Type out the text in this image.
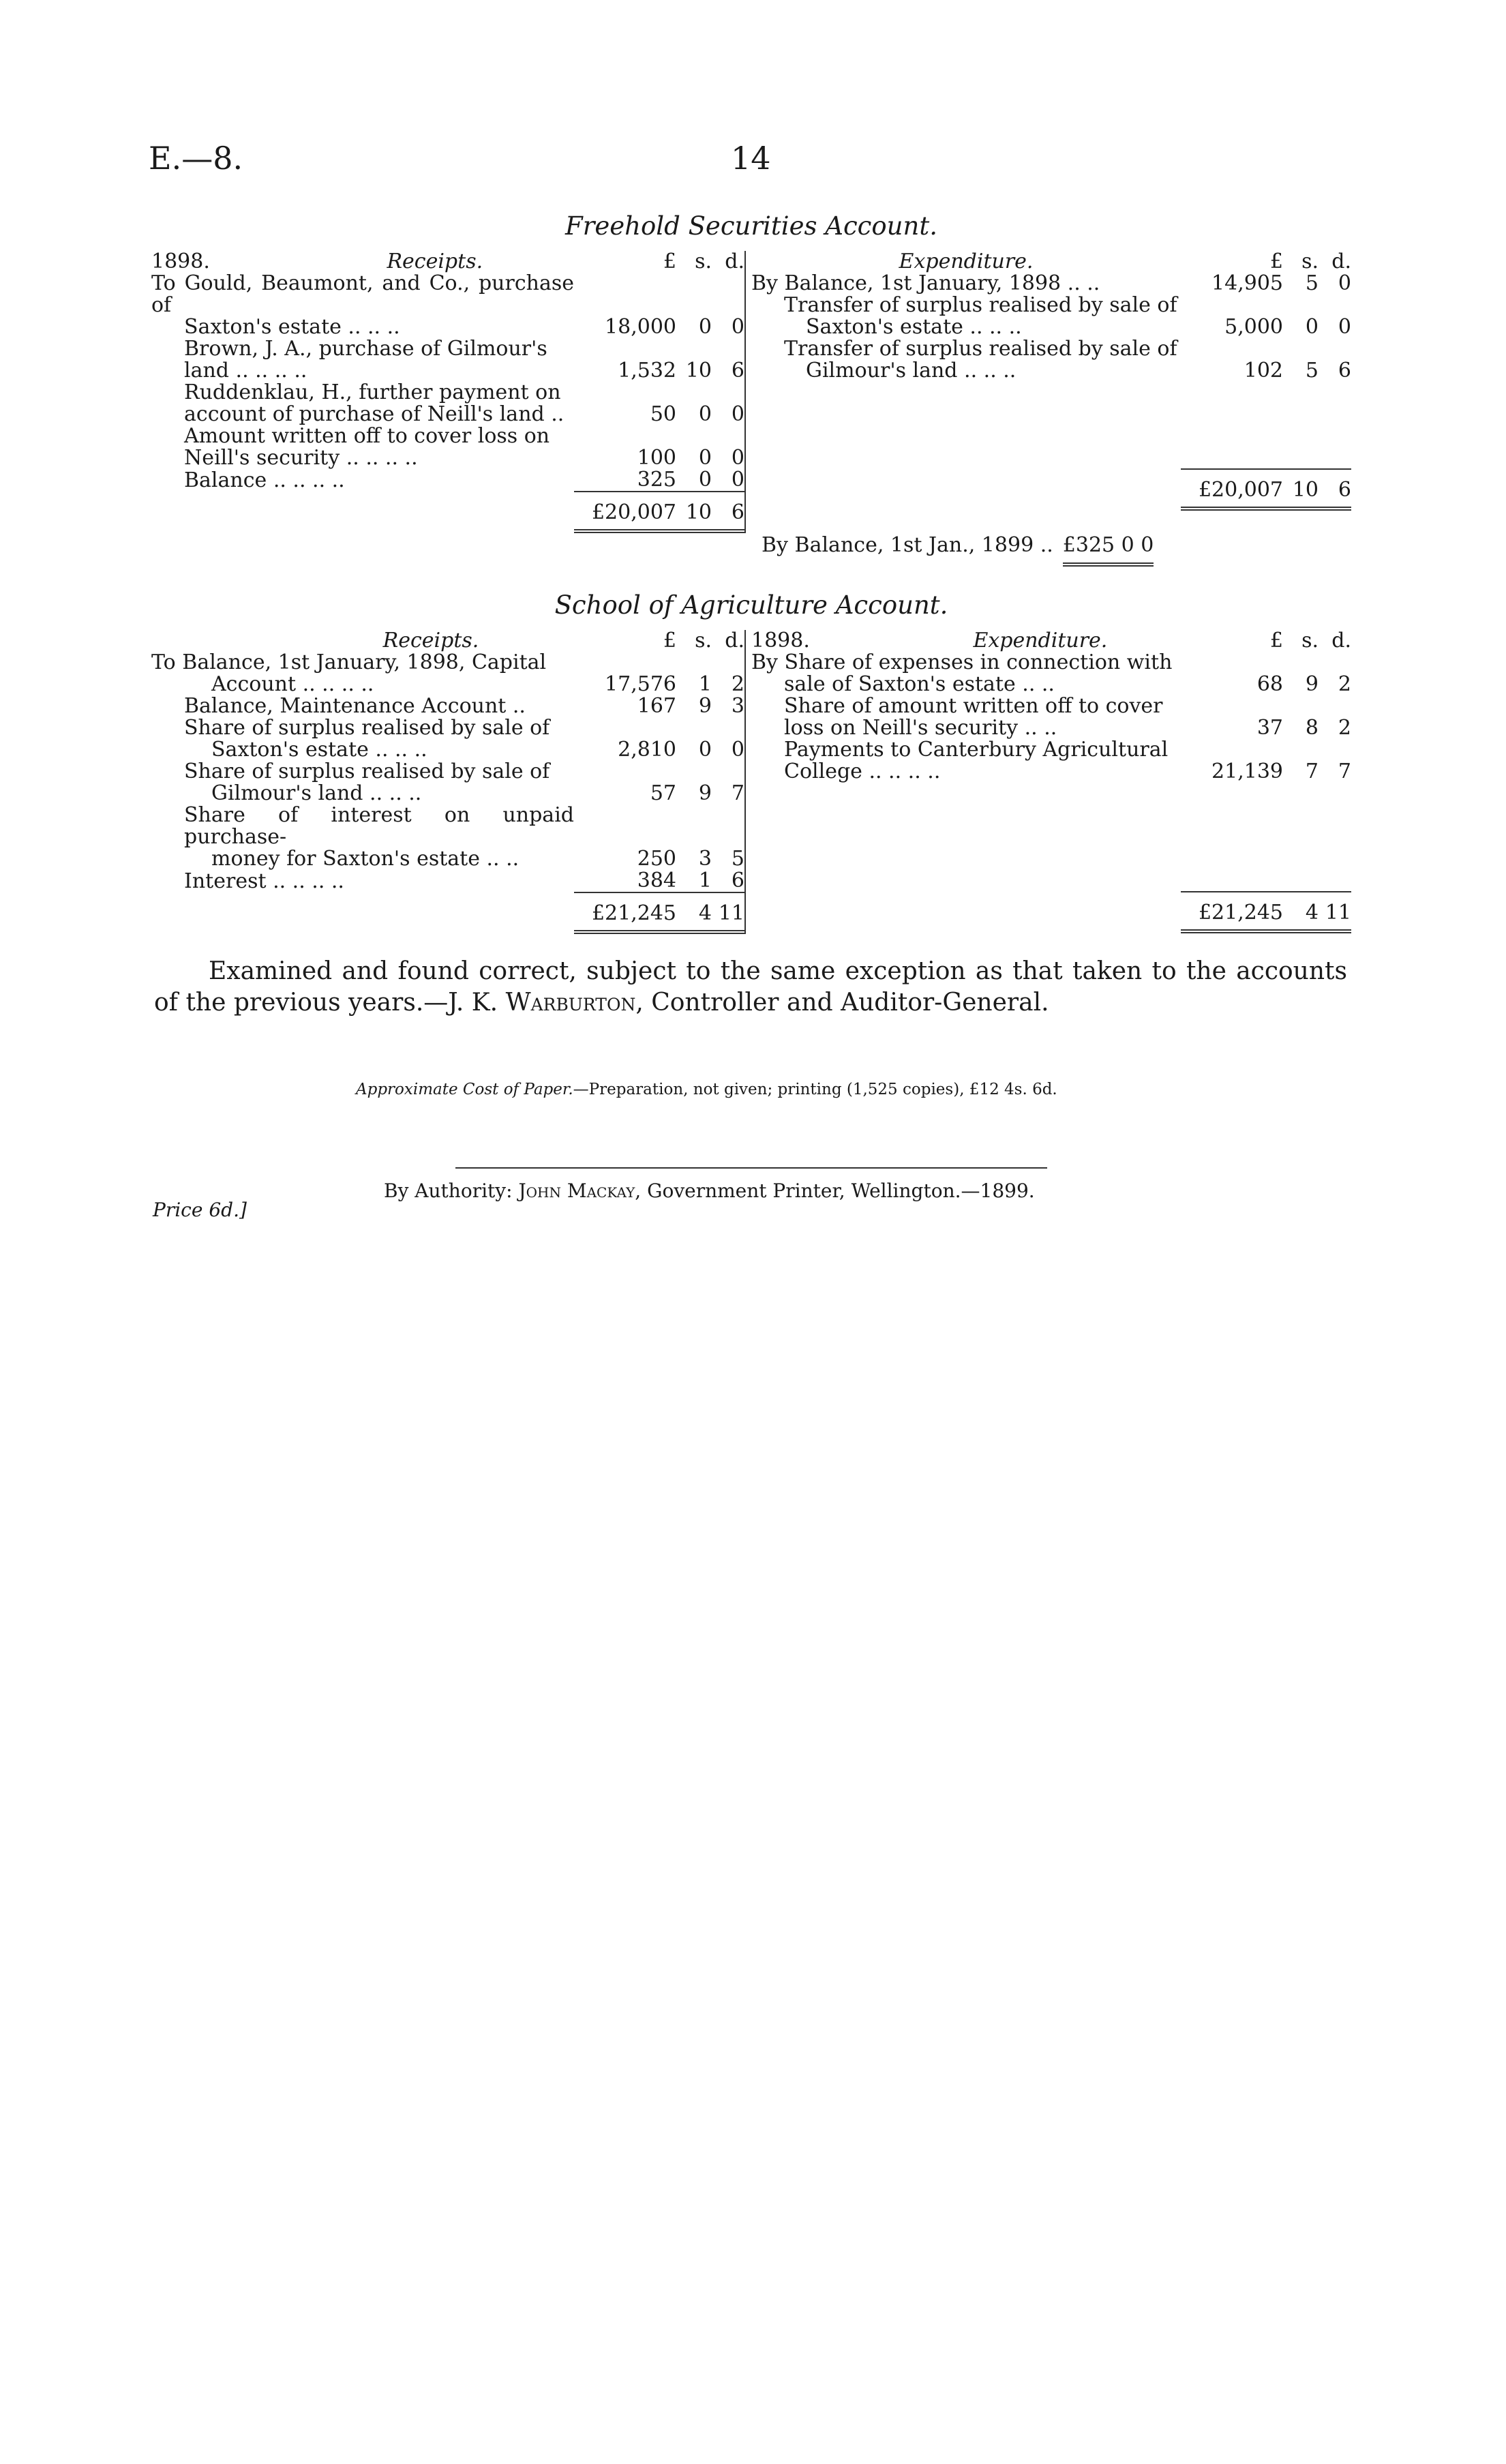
E.—8.	14
Freehold Securities Account.
1898. Receipts.	£	s.	d.
To Gould, Beaumont, and Co., purchase of			
Saxton's estate .. .. ..	18,000	0	0
Brown, J. A., purchase of Gilmour's			
land .. .. .. ..	1,532	10	6
Ruddenklau, H., further payment on			
account of purchase of Neill's land ..	50	0	0
Amount written off to cover loss on			
Neill's security .. .. .. ..	100	0	0
Balance .. .. .. ..	325	0	0

	£20,007	10	6
Expenditure.	£	s.	d.
By Balance, 1st January, 1898 .. ..	14,905	5	0
Transfer of surplus realised by sale of			
Saxton's estate .. .. ..	5,000	0	0
Transfer of surplus realised by sale of			
Gilmour's land .. .. ..	102	5	6

	£20,007	10	6
By Balance, 1st Jan., 1899 .. £325 0 0
School of Agriculture Account.
Receipts.	£	s.	d.
To Balance, 1st January, 1898, Capital			
Account .. .. .. ..	17,576	1	2
Balance, Maintenance Account ..	167	9	3
Share of surplus realised by sale of			
Saxton's estate .. .. ..	2,810	0	0
Share of surplus realised by sale of			
Gilmour's land .. .. ..	57	9	7
Share of interest on unpaid purchase-			
money for Saxton's estate .. ..	250	3	5
Interest .. .. .. ..	384	1	6

	£21,245	4	11
1898. Expenditure.	£	s.	d.
By Share of expenses in connection with			
sale of Saxton's estate .. ..	68	9	2
Share of amount written off to cover			
loss on Neill's security .. ..	37	8	2
Payments to Canterbury Agricultural			
College .. .. .. ..	21,139	7	7

	£21,245	4	11
Examined and found correct, subject to the same exception as that taken to the accounts of the previous years.—J. K. Warburton, Controller and Auditor-General.
Approximate Cost of Paper.—Preparation, not given; printing (1,525 copies), £12 4s. 6d.
By Authority: John Mackay, Government Printer, Wellington.—1899.
Price 6d.]
